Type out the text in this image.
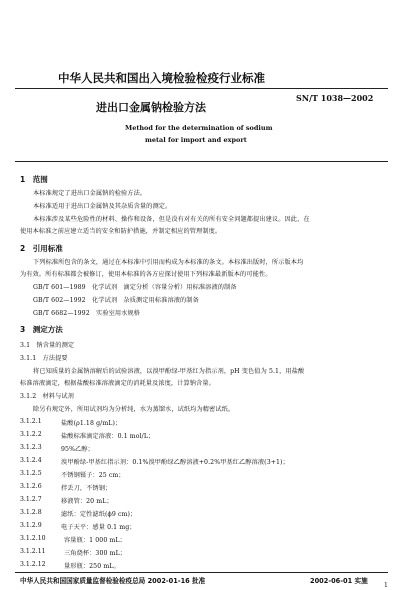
中华人民共和国出入境检验检疫行业标准
SN/T 1038—2002
进出口金属钠检验方法
Method for the determination of sodium
metal for import and export
1　范围
本标准规定了进出口金属钠的检验方法。
本标准适用于进出口金属钠及其杂质含量的测定。
本标准涉及某些危险性的材料、操作和设备，但是没有对有关的所有安全问题都提出建议。因此，在
使用本标准之前应建立适当的安全和防护措施，并制定相应的管理制度。
2　引用标准
下列标准所包含的条文，通过在本标准中引用而构成为本标准的条文。本标准出版时，所示版本均
为有效。所有标准都会被修订，使用本标准的各方应探讨使用下列标准最新版本的可能性。
GB/T 601—1989　化学试剂　滴定分析（容量分析）用标准溶液的制备
GB/T 602—1992　化学试剂　杂质测定用标准溶液的制备
GB/T 6682—1992　实验室用水规格
3　测定方法
3.1　钠含量的测定
3.1.1　方法提要
将已知质量的金属钠溶解后的试验溶液，以溴甲酚绿-甲基红为指示剂，pH 变色值为 5.1，用盐酸
标准溶液滴定，根据盐酸标准溶液滴定的消耗量及浓度，计算钠含量。
3.1.2　材料与试剂
除另有规定外，所用试剂均为分析纯，水为蒸馏水，试纸均为精密试纸。
3.1.2.1	盐酸(ρ1.18 g/mL)；
3.1.2.2	盐酸标准滴定溶液：0.1 mol/L；
3.1.2.3	95%乙醇；
3.1.2.4	溴甲酚绿-甲基红指示剂：0.1%溴甲酚绿乙醇溶液+0.2%甲基红乙醇溶液(3+1)；
3.1.2.5	不锈钢镊子：25 cm；
3.1.2.6	拌丢刀，不锈钢；
3.1.2.7	移液管：20 mL；
3.1.2.8	滤纸：定性滤纸(ϕ9 cm)；
3.1.2.9	电子天平：感量 0.1 mg；
3.1.2.10	容量瓶：1 000 mL；
3.1.2.11	三角烧杯：300 mL；
3.1.2.12	量形瓶：250 mL。
中华人民共和国国家质量监督检验检疫总局 2002-01-16 批准	2002-06-01 实施
1
